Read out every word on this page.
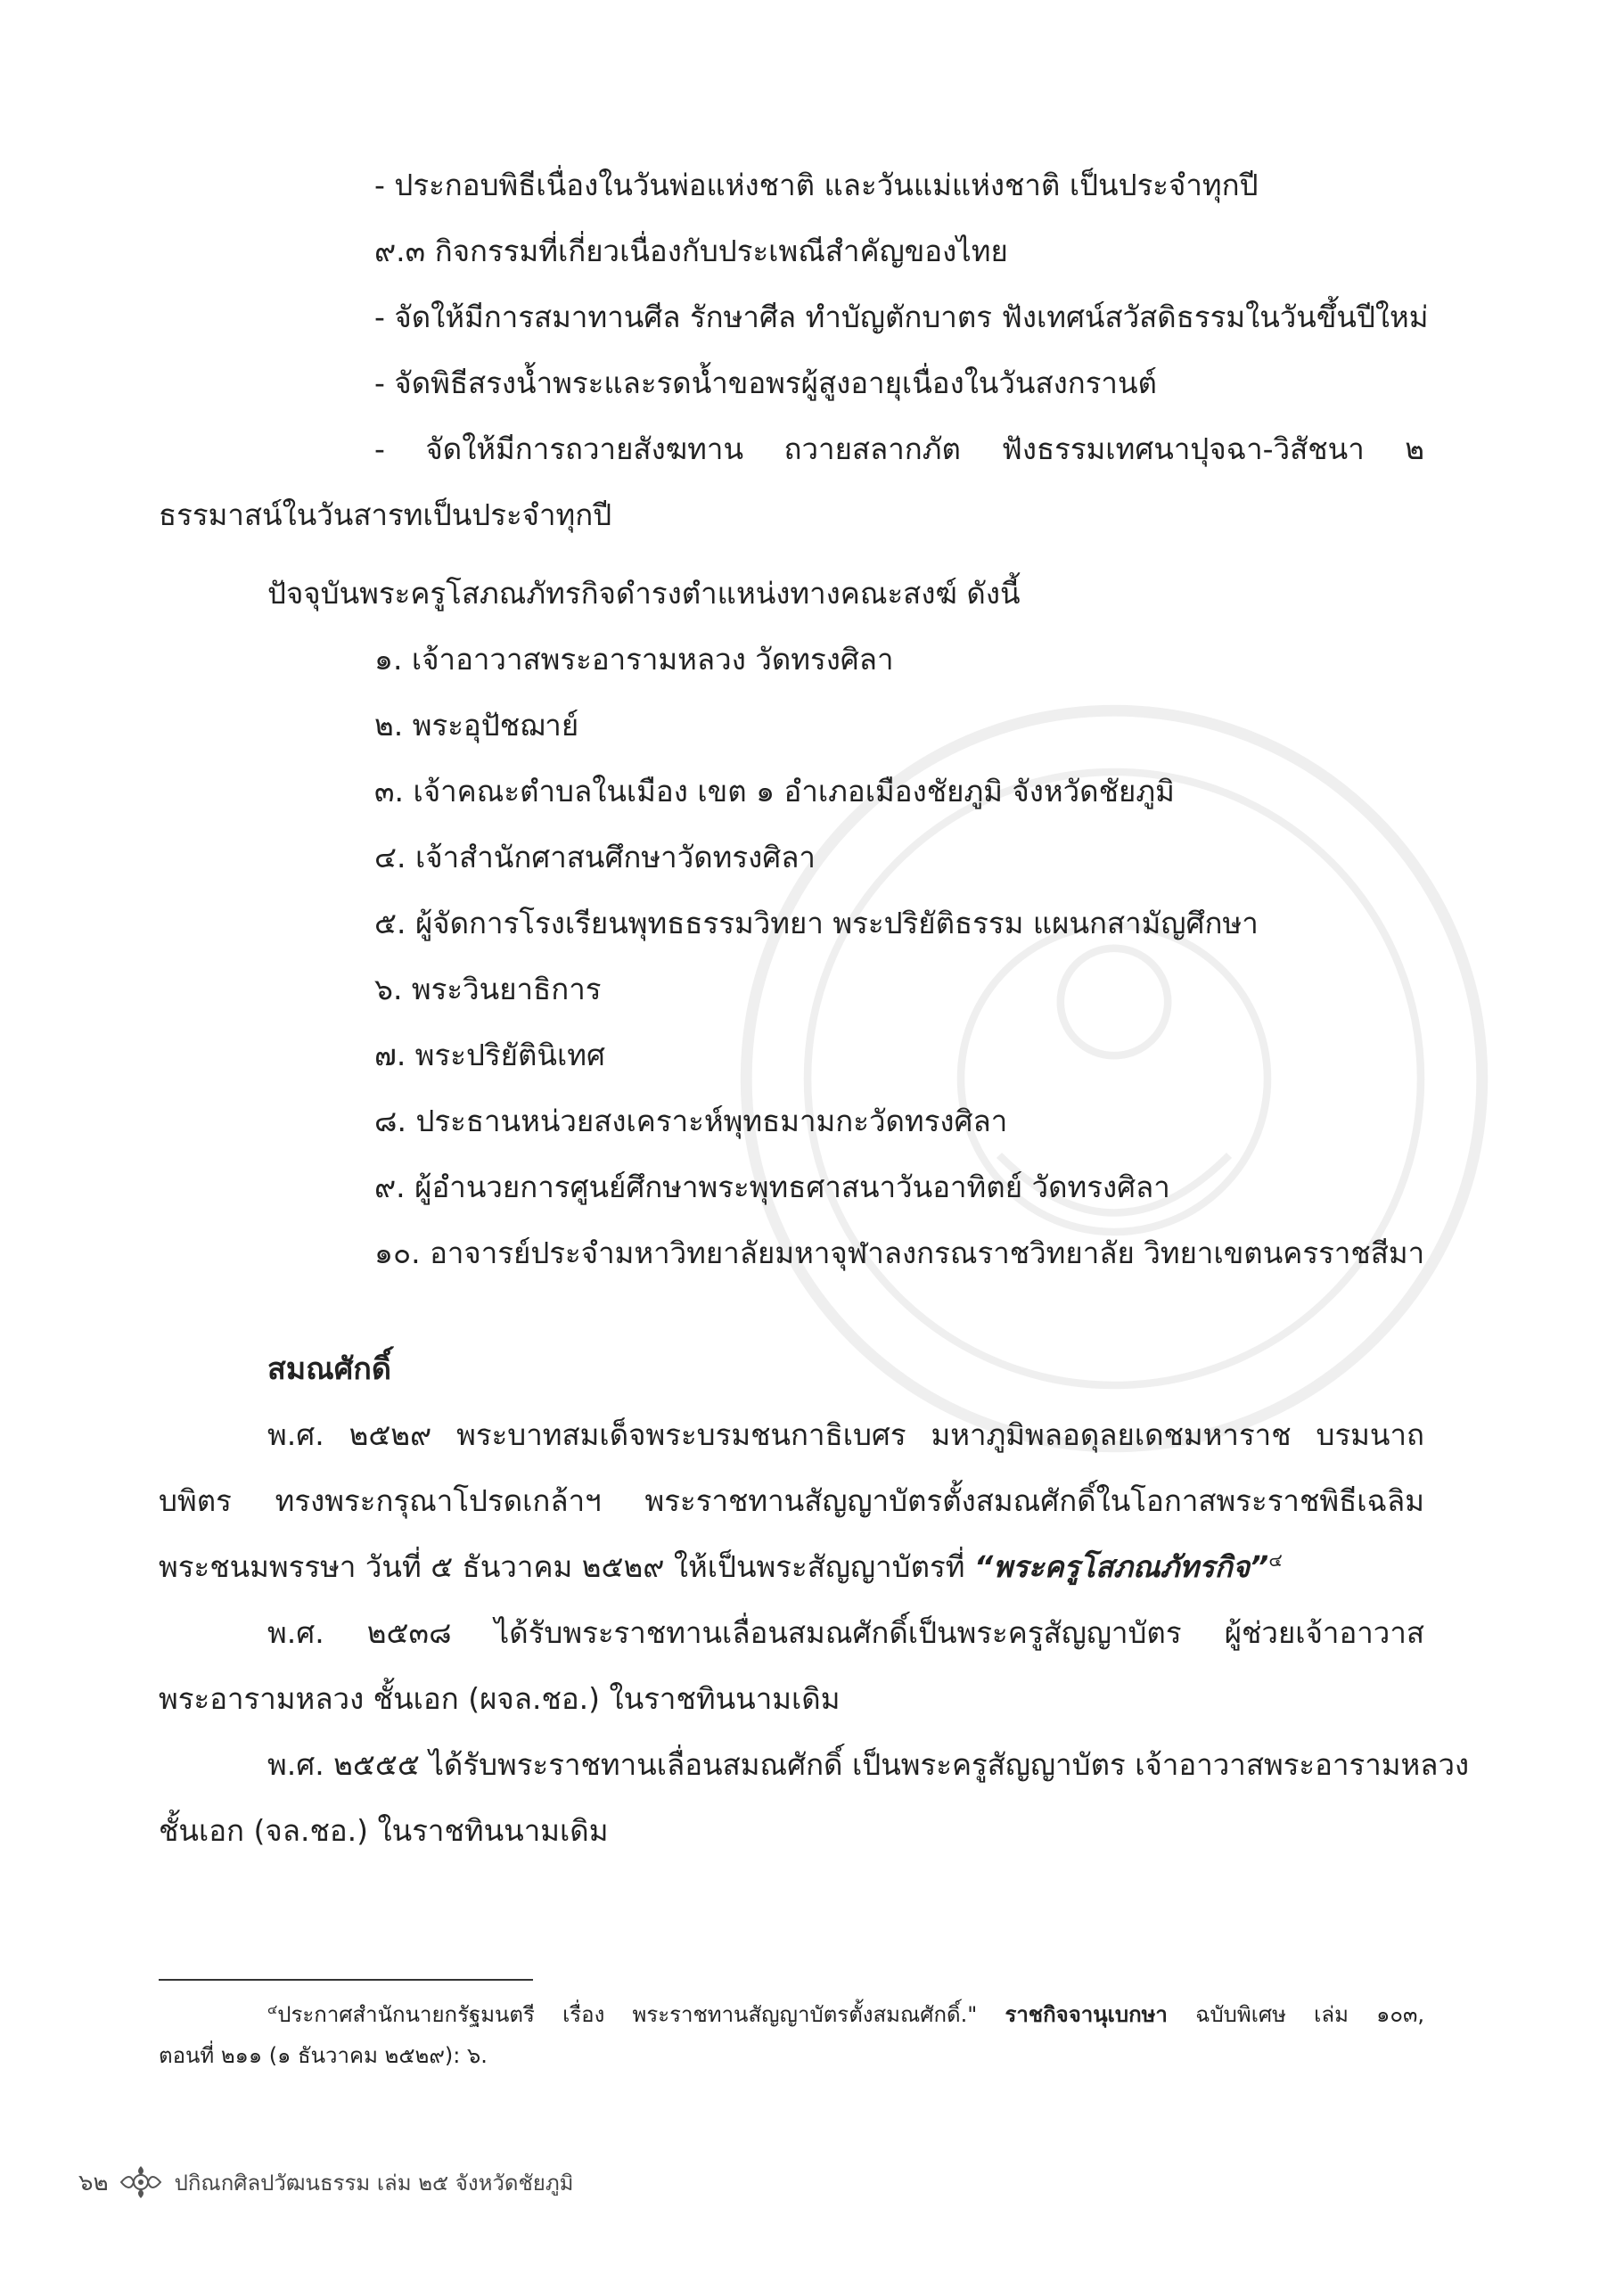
- ประกอบพิธีเนื่องในวันพ่อแห่งชาติ และวันแม่แห่งชาติ เป็นประจำทุกปี
๙.๓ กิจกรรมที่เกี่ยวเนื่องกับประเพณีสำคัญของไทย
- จัดให้มีการสมาทานศีล รักษาศีล ทำบัญตักบาตร ฟังเทศน์สวัสดิธรรมในวันขึ้นปีใหม่
- จัดพิธีสรงน้ำพระและรดน้ำขอพรผู้สูงอายุเนื่องในวันสงกรานต์
- จัดให้มีการถวายสังฆทาน ถวายสลากภัต ฟังธรรมเทศนาปุจฉา-วิสัชนา ๒
ธรรมาสน์ในวันสารทเป็นประจำทุกปี
ปัจจุบันพระครูโสภณภัทรกิจดำรงตำแหน่งทางคณะสงฆ์ ดังนี้
๑. เจ้าอาวาสพระอารามหลวง วัดทรงศิลา
๒. พระอุปัชฌาย์
๓. เจ้าคณะตำบลในเมือง เขต ๑ อำเภอเมืองชัยภูมิ จังหวัดชัยภูมิ
๔. เจ้าสำนักศาสนศึกษาวัดทรงศิลา
๕. ผู้จัดการโรงเรียนพุทธธรรมวิทยา พระปริยัติธรรม แผนกสามัญศึกษา
๖. พระวินยาธิการ
๗. พระปริยัตินิเทศ
๘. ประธานหน่วยสงเคราะห์พุทธมามกะวัดทรงศิลา
๙. ผู้อำนวยการศูนย์ศึกษาพระพุทธศาสนาวันอาทิตย์ วัดทรงศิลา
๑๐. อาจารย์ประจำมหาวิทยาลัยมหาจุฬาลงกรณราชวิทยาลัย วิทยาเขตนครราชสีมา
สมณศักดิ์
พ.ศ. ๒๕๒๙ พระบาทสมเด็จพระบรมชนกาธิเบศร มหาภูมิพลอดุลยเดชมหาราช บรมนาถ
บพิตร ทรงพระกรุณาโปรดเกล้าฯ พระราชทานสัญญาบัตรตั้งสมณศักดิ์ในโอกาสพระราชพิธีเฉลิม
พระชนมพรรษา วันที่ ๕ ธันวาคม ๒๕๒๙ ให้เป็นพระสัญญาบัตรที่ “พระครูโสภณภัทรกิจ”$^๔$
พ.ศ. ๒๕๓๘ ได้รับพระราชทานเลื่อนสมณศักดิ์เป็นพระครูสัญญาบัตร ผู้ช่วยเจ้าอาวาส
พระอารามหลวง ชั้นเอก (ผจล.ชอ.) ในราชทินนามเดิม
พ.ศ. ๒๕๕๕ ได้รับพระราชทานเลื่อนสมณศักดิ์ เป็นพระครูสัญญาบัตร เจ้าอาวาสพระอารามหลวง
ชั้นเอก (จล.ชอ.) ในราชทินนามเดิม
$^๔$ประกาศสำนักนายกรัฐมนตรี เรื่อง พระราชทานสัญญาบัตรตั้งสมณศักดิ์." ราชกิจจานุเบกษา ฉบับพิเศษ เล่ม ๑๐๓,
ตอนที่ ๒๑๑ (๑ ธันวาคม ๒๕๒๙): ๖.
๖๒	ปกิณกศิลปวัฒนธรรม เล่ม ๒๕ จังหวัดชัยภูมิ
